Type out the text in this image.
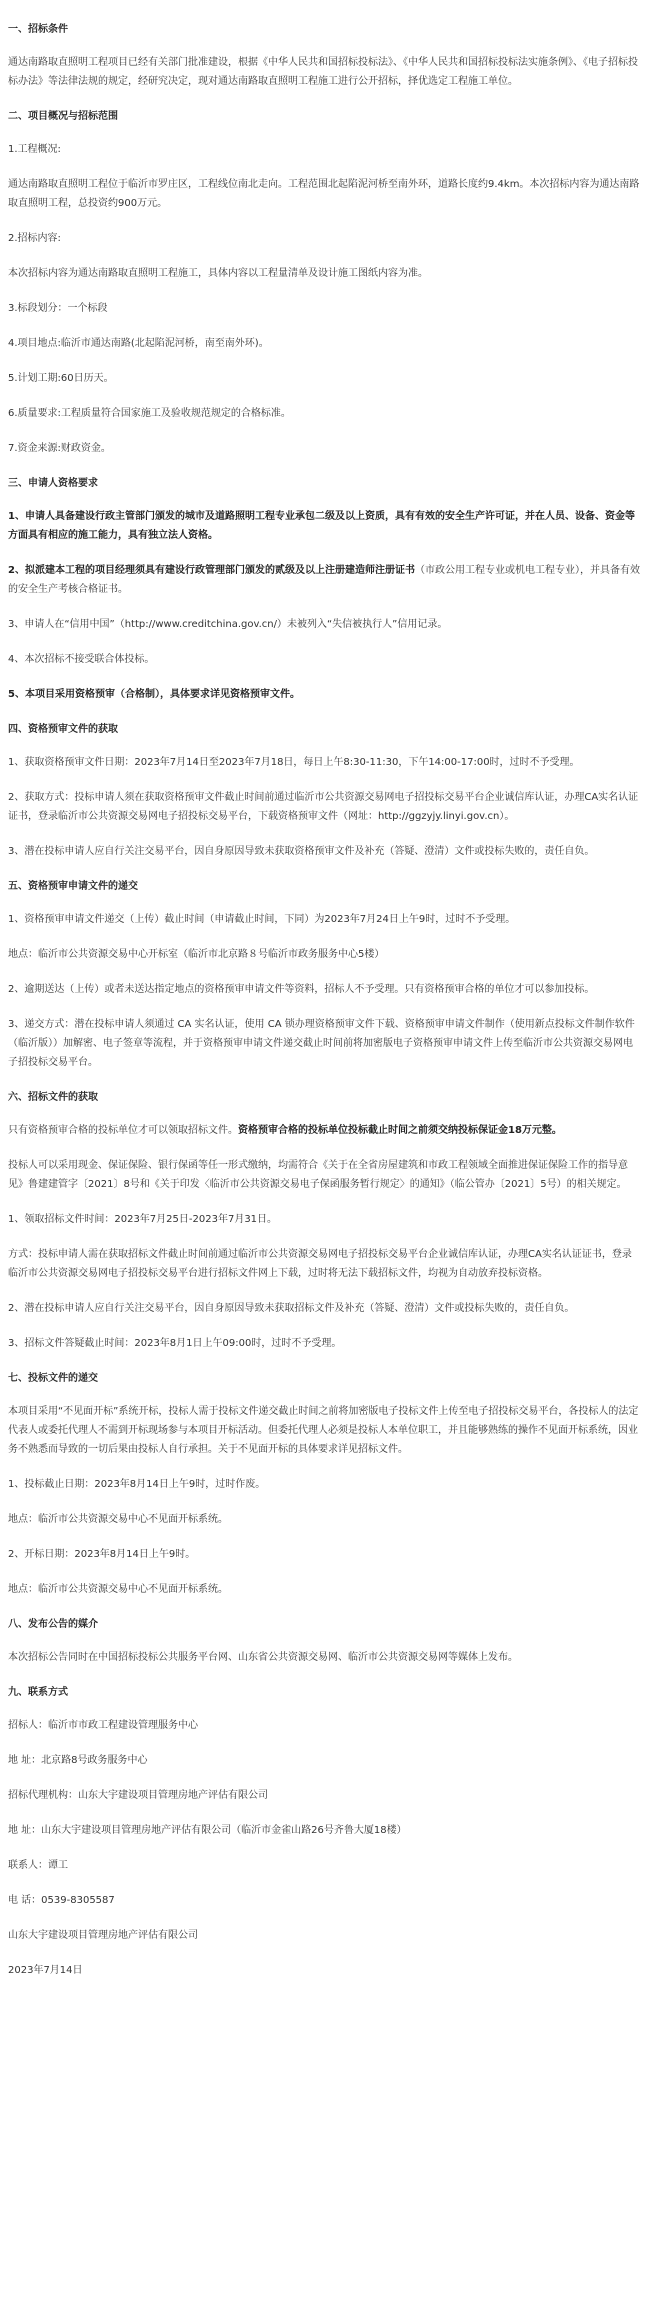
一、招标条件
通达南路取直照明工程项目已经有关部门批准建设，根据《中华人民共和国招标投标法》、《中华人民共和国招标投标法实施条例》、《电子招标投标办法》等法律法规的规定，经研究决定，现对通达南路取直照明工程施工进行公开招标，择优选定工程施工单位。
二、项目概况与招标范围
1.工程概况:
通达南路取直照明工程位于临沂市罗庄区，工程线位南北走向。工程范围北起陷泥河桥至南外环，道路长度约9.4km。本次招标内容为通达南路取直照明工程，总投资约900万元。
2.招标内容:
本次招标内容为通达南路取直照明工程施工，具体内容以工程量清单及设计施工图纸内容为准。
3.标段划分：一个标段
4.项目地点:临沂市通达南路(北起陷泥河桥，南至南外环)。
5.计划工期:60日历天。
6.质量要求:工程质量符合国家施工及验收规范规定的合格标准。
7.资金来源:财政资金。
三、申请人资格要求
1、申请人具备建设行政主管部门颁发的城市及道路照明工程专业承包二级及以上资质，具有有效的安全生产许可证，并在人员、设备、资金等方面具有相应的施工能力，具有独立法人资格。
2、拟派建本工程的项目经理须具有建设行政管理部门颁发的贰级及以上注册建造师注册证书（市政公用工程专业或机电工程专业），并具备有效的安全生产考核合格证书。
3、申请人在“信用中国”（http://www.creditchina.gov.cn/）未被列入“失信被执行人”信用记录。
4、本次招标不接受联合体投标。
5、本项目采用资格预审（合格制），具体要求详见资格预审文件。
四、资格预审文件的获取
1、获取资格预审文件日期：2023年7月14日至2023年7月18日，每日上午8:30-11:30，下午14:00-17:00时，过时不予受理。
2、获取方式：投标申请人须在获取资格预审文件截止时间前通过临沂市公共资源交易网电子招投标交易平台企业诚信库认证，办理CA实名认证证书，登录临沂市公共资源交易网电子招投标交易平台，下载资格预审文件（网址：http://ggzyjy.linyi.gov.cn）。
3、潜在投标申请人应自行关注交易平台，因自身原因导致未获取资格预审文件及补充（答疑、澄清）文件或投标失败的，责任自负。
五、资格预审申请文件的递交
1、资格预审申请文件递交（上传）截止时间（申请截止时间，下同）为2023年7月24日上午9时，过时不予受理。
地点：临沂市公共资源交易中心开标室（临沂市北京路８号临沂市政务服务中心5楼）
2、逾期送达（上传）或者未送达指定地点的资格预审申请文件等资料，招标人不予受理。只有资格预审合格的单位才可以参加投标。
3、递交方式：潜在投标申请人须通过 CA 实名认证，使用 CA 锁办理资格预审文件下载、资格预审申请文件制作（使用新点投标文件制作软件（临沂版））加解密、电子签章等流程，并于资格预审申请文件递交截止时间前将加密版电子资格预审申请文件上传至临沂市公共资源交易网电子招投标交易平台。
六、招标文件的获取
只有资格预审合格的投标单位才可以领取招标文件。资格预审合格的投标单位投标截止时间之前须交纳投标保证金18万元整。
投标人可以采用现金、保证保险、银行保函等任一形式缴纳，均需符合《关于在全省房屋建筑和市政工程领域全面推进保证保险工作的指导意见》鲁建建管字〔2021〕8号和《关于印发〈临沂市公共资源交易电子保函服务暂行规定〉的通知》（临公管办〔2021〕5号）的相关规定。
1、领取招标文件时间：2023年7月25日-2023年7月31日。
方式：投标申请人需在获取招标文件截止时间前通过临沂市公共资源交易网电子招投标交易平台企业诚信库认证，办理CA实名认证证书，登录临沂市公共资源交易网电子招投标交易平台进行招标文件网上下载，过时将无法下载招标文件，均视为自动放弃投标资格。
2、潜在投标申请人应自行关注交易平台，因自身原因导致未获取招标文件及补充（答疑、澄清）文件或投标失败的，责任自负。
3、招标文件答疑截止时间：2023年8月1日上午09:00时，过时不予受理。
七、投标文件的递交
本项目采用“不见面开标”系统开标，投标人需于投标文件递交截止时间之前将加密版电子投标文件上传至电子招投标交易平台，各投标人的法定代表人或委托代理人不需到开标现场参与本项目开标活动。但委托代理人必须是投标人本单位职工，并且能够熟练的操作不见面开标系统，因业务不熟悉而导致的一切后果由投标人自行承担。关于不见面开标的具体要求详见招标文件。
1、投标截止日期：2023年8月14日上午9时，过时作废。
地点：临沂市公共资源交易中心不见面开标系统。
2、开标日期：2023年8月14日上午9时。
地点：临沂市公共资源交易中心不见面开标系统。
八、发布公告的媒介
本次招标公告同时在中国招标投标公共服务平台网、山东省公共资源交易网、临沂市公共资源交易网等媒体上发布。
九、联系方式
招标人：临沂市市政工程建设管理服务中心
地 址：北京路8号政务服务中心
招标代理机构：山东大宇建设项目管理房地产评估有限公司
地 址：山东大宇建设项目管理房地产评估有限公司（临沂市金雀山路26号齐鲁大厦18楼）
联系人：谭工
电 话：0539-8305587
山东大宇建设项目管理房地产评估有限公司
2023年7月14日
